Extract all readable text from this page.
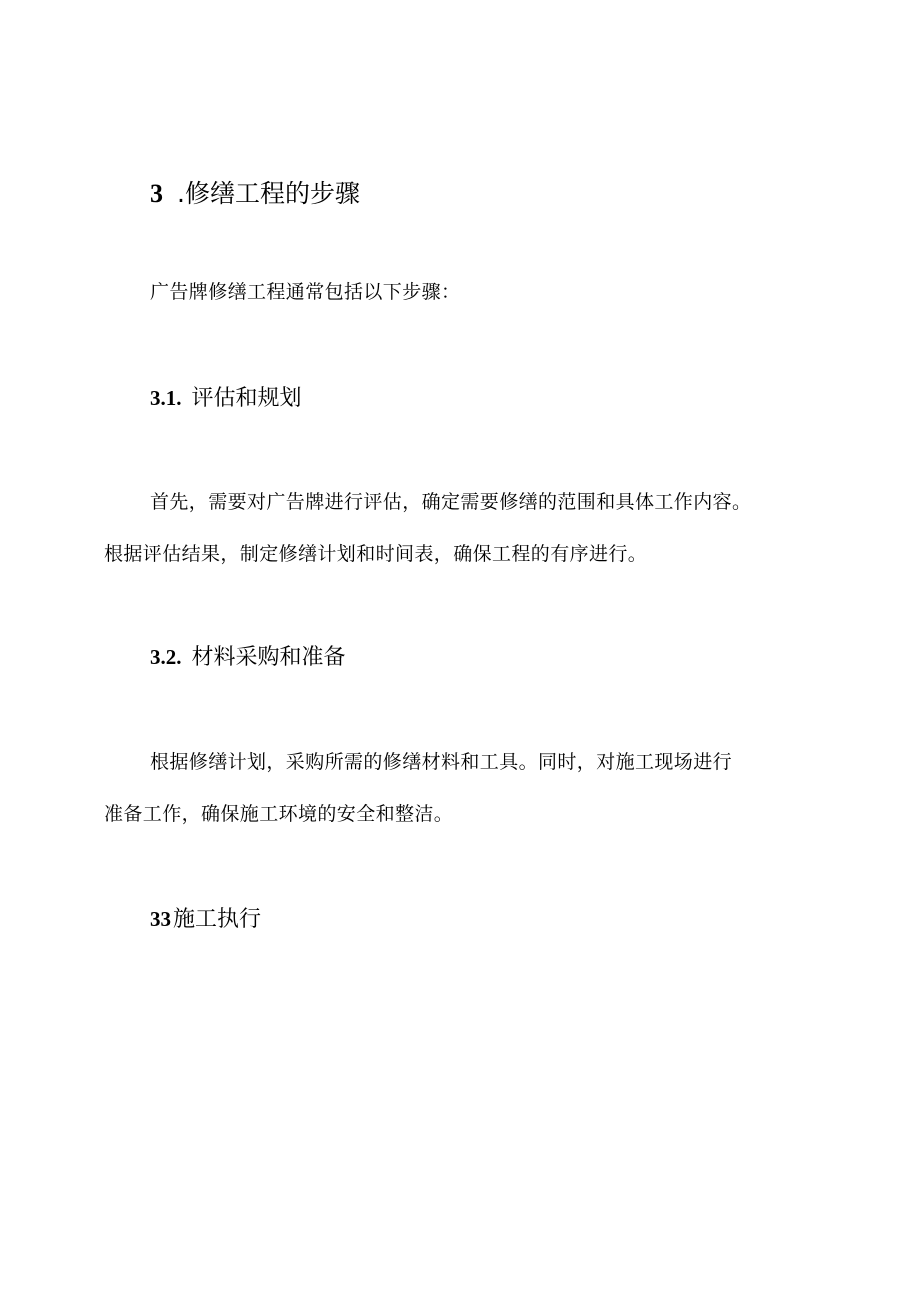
3 .修缮工程的步骤

广告牌修缮工程通常包括以下步骤：

3.1. 评估和规划

首先，需要对广告牌进行评估，确定需要修缮的范围和具体工作内容。
根据评估结果，制定修缮计划和时间表，确保工程的有序进行。

3.2. 材料采购和准备

根据修缮计划，采购所需的修缮材料和工具。同时，对施工现场进行
准备工作，确保施工环境的安全和整洁。

33施工执行
